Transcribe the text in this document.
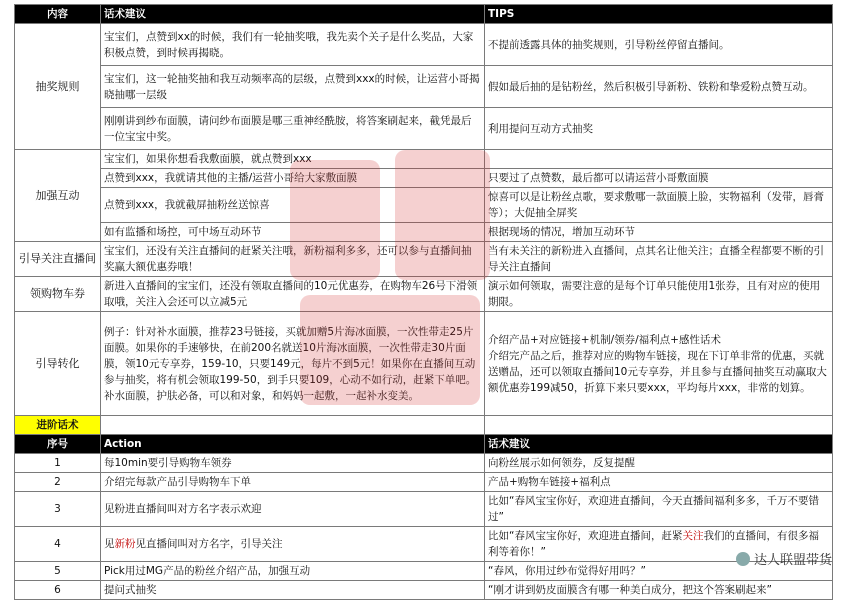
内容	话术建议	TIPS
抽奖规则	宝宝们，点赞到xx的时候，我们有一轮抽奖哦，我先卖个关子是什么奖品，大家积极点赞，到时候再揭晓。	不提前透露具体的抽奖规则，引导粉丝停留直播间。
	宝宝们，这一轮抽奖抽和我互动频率高的层级，点赞到xxx的时候，让运营小哥揭晓抽哪一层级	假如最后抽的是钻粉丝，然后积极引导新粉、铁粉和挚爱粉点赞互动。
	刚刚讲到纱布面膜，请问纱布面膜是哪三重神经酰胺，将答案刷起来，截凭最后一位宝宝中奖。	利用提问互动方式抽奖
加强互动	宝宝们，如果你想看我敷面膜，就点赞到xxx	
	点赞到xxx，我就请其他的主播/运营小哥给大家敷面膜	只要过了点赞数，最后都可以请运营小哥敷面膜
	点赞到xxx，我就截屏抽粉丝送惊喜	惊喜可以是让粉丝点歌，要求敷哪一款面膜上脸，实物福利（发带，唇膏等）；大促抽全屏奖
	如有监播和场控，可中场互动环节	根据现场的情况，增加互动环节
引导关注直播间	宝宝们，还没有关注直播间的赶紧关注哦，新粉福利多多，还可以参与直播间抽奖赢大额优惠券哦！	当有未关注的新粉进入直播间，点其名让他关注；直播全程都要不断的引导关注直播间
领购物车券	新进入直播间的宝宝们，还没有领取直播间的10元优惠券，在购物车26号下滑领取哦，关注入会还可以立减5元	演示如何领取，需要注意的是每个订单只能使用1张券，且有对应的使用期限。
引导转化	例子：针对补水面膜，推荐23号链接，买就加赠5片海冰面膜，一次性带走25片面膜。如果你的手速够快，在前200名就送10片海冰面膜，一次性带走30片面膜，领10元专享券，159-10，只要149元，每片不到5元！如果你在直播间互动参与抽奖，将有机会领取199-50，到手只要109，心动不如行动，赶紧下单吧。补水面膜，护肤必备，可以和对象，和妈妈一起敷，一起补水变美。	介绍产品+对应链接+机制/领券/福利点+感性话术
介绍完产品之后，推荐对应的购物车链接，现在下订单非常的优惠，买就送赠品，还可以领取直播间10元专享券，并且参与直播间抽奖互动赢取大额优惠券199减50，折算下来只要xxx，平均每片xxx，非常的划算。

进阶话术		
序号	Action	话术建议
1	每10min要引导购物车领券	向粉丝展示如何领券，反复提醒
2	介绍完每款产品引导购物车下单	产品+购物车链接+福利点
3	见粉进直播间叫对方名字表示欢迎	比如“春风宝宝你好，欢迎进直播间，今天直播间福利多多，千万不要错过”
4	见新粉见直播间叫对方名字，引导关注	比如“春风宝宝你好，欢迎进直播间，赶紧关注我们的直播间，有很多福利等着你！”
5	Pick用过MG产品的粉丝介绍产品，加强互动	“春风，你用过纱布觉得好用吗？”
6	提问式抽奖	“刚才讲到奶皮面膜含有哪一种美白成分，把这个答案刷起来”
达人联盟带货
